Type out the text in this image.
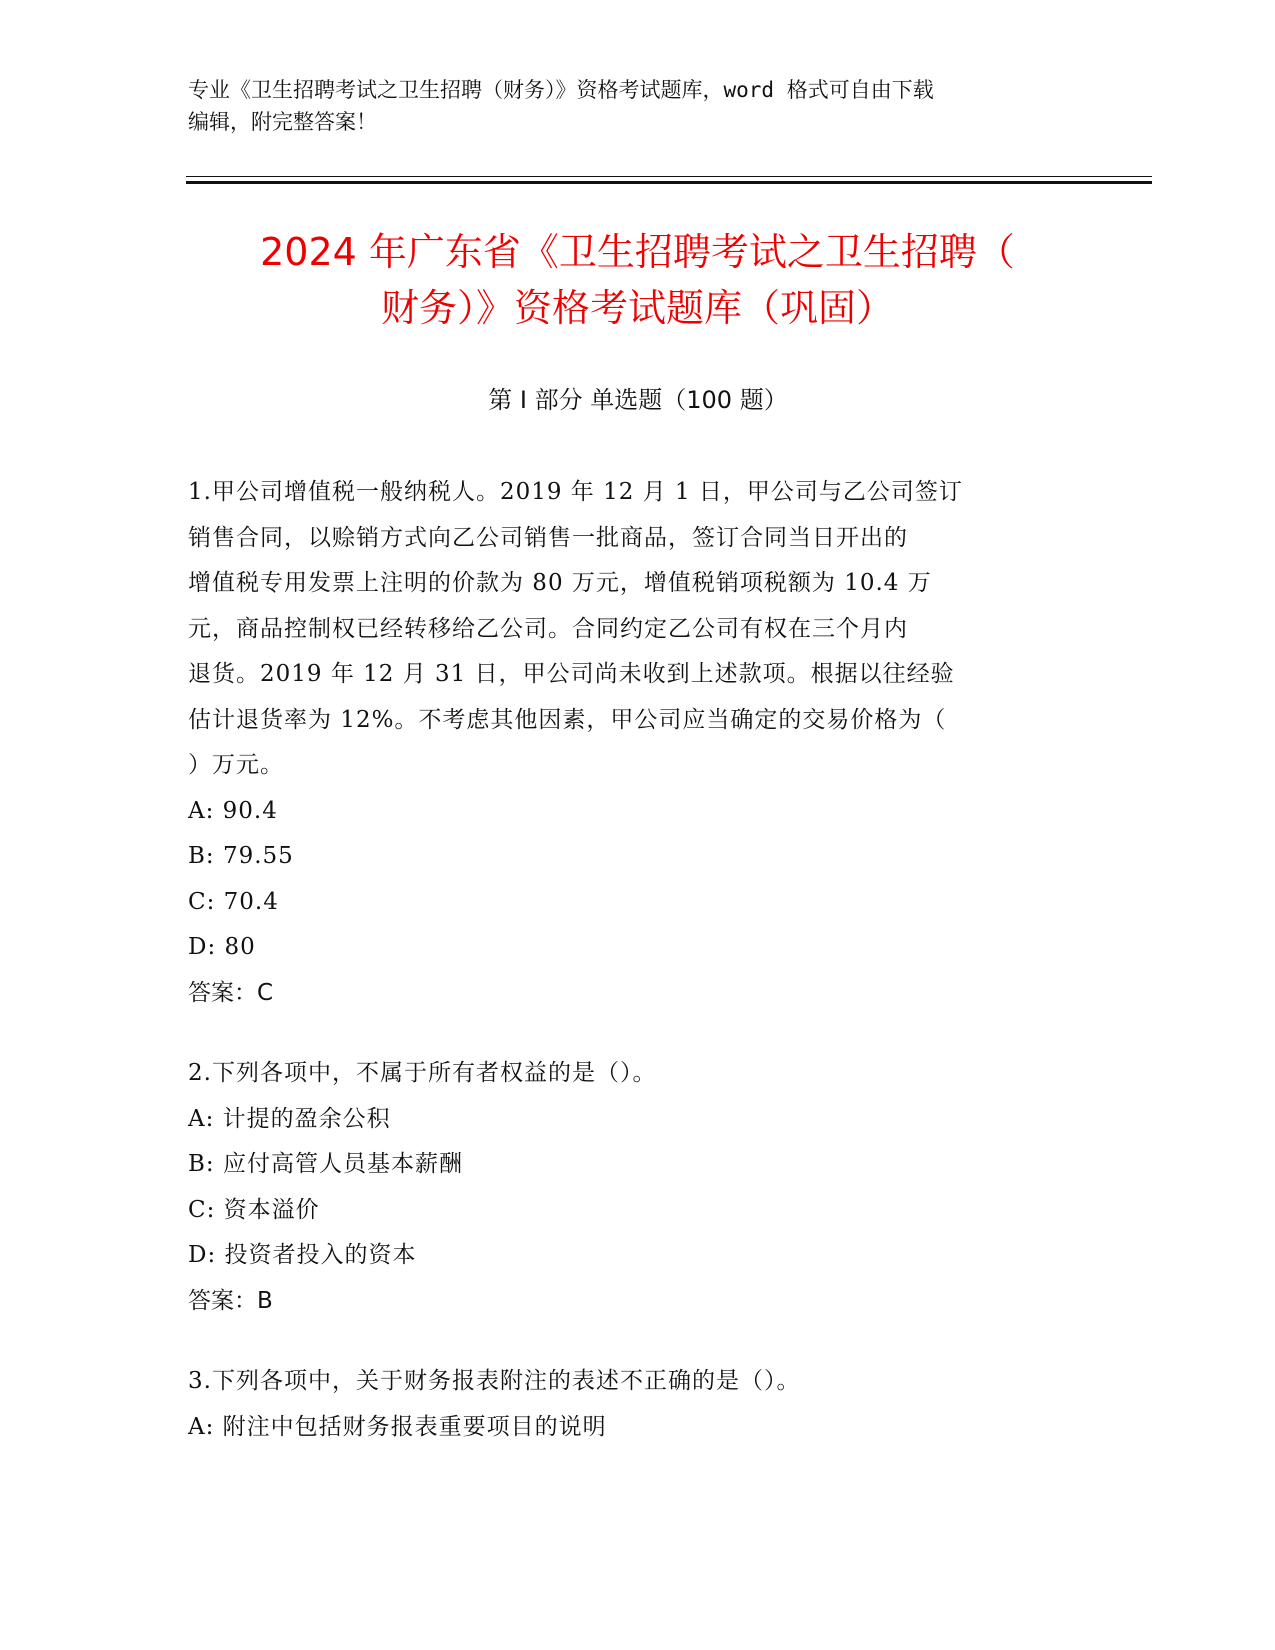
专业《卫生招聘考试之卫生招聘（财务）》资格考试题库，word 格式可自由下载
编辑，附完整答案！
2024 年广东省《卫生招聘考试之卫生招聘（
财务）》资格考试题库（巩固）
第 I 部分 单选题（100 题）
1.甲公司增值税一般纳税人。2019 年 12 月 1 日，甲公司与乙公司签订
销售合同，以赊销方式向乙公司销售一批商品，签订合同当日开出的
增值税专用发票上注明的价款为 80 万元，增值税销项税额为 10.4 万
元，商品控制权已经转移给乙公司。合同约定乙公司有权在三个月内
退货。2019 年 12 月 31 日，甲公司尚未收到上述款项。根据以往经验
估计退货率为 12%。不考虑其他因素，甲公司应当确定的交易价格为（
）万元。
A: 90.4
B: 79.55
C: 70.4
D: 80
答案：C
2.下列各项中，不属于所有者权益的是（）。
A: 计提的盈余公积
B: 应付高管人员基本薪酬
C: 资本溢价
D: 投资者投入的资本
答案：B
3.下列各项中，关于财务报表附注的表述不正确的是（）。
A: 附注中包括财务报表重要项目的说明
